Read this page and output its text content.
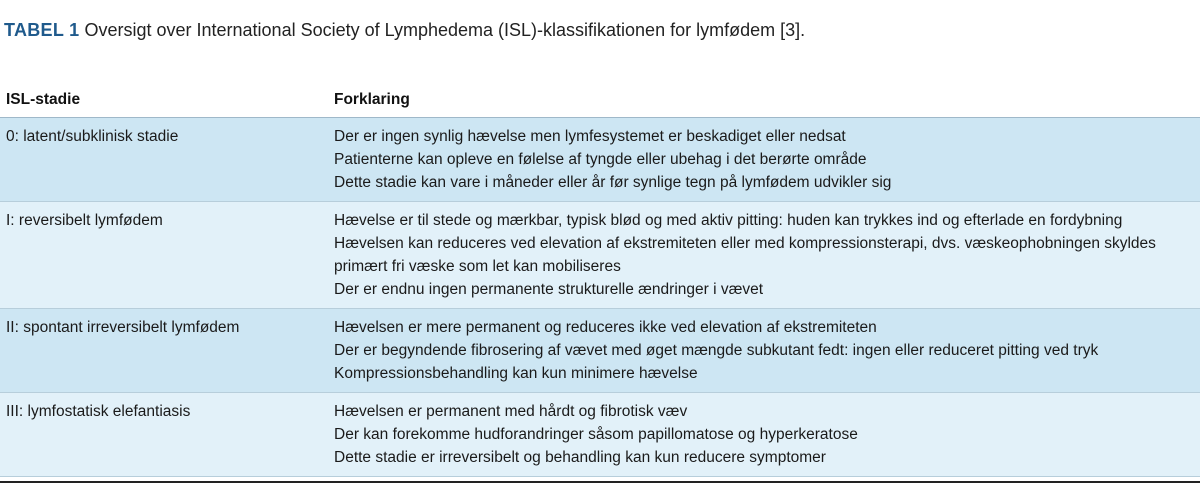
TABEL 1 Oversigt over International Society of Lymphedema (ISL)-klassifikationen for lymfødem [3].
ISL-stadie	Forklaring
0: latent/subklinisk stadie	Der er ingen synlig hævelse men lymfesystemet er beskadiget eller nedsat
Patienterne kan opleve en følelse af tyngde eller ubehag i det berørte område
Dette stadie kan vare i måneder eller år før synlige tegn på lymfødem udvikler sig

I: reversibelt lymfødem	Hævelse er til stede og mærkbar, typisk blød og med aktiv pitting: huden kan trykkes ind og efterlade en fordybning
Hævelsen kan reduceres ved elevation af ekstremiteten eller med kompressionsterapi, dvs. væskeophobningen skyldes primært fri væske som let kan mobiliseres
Der er endnu ingen permanente strukturelle ændringer i vævet

II: spontant irreversibelt lymfødem	Hævelsen er mere permanent og reduceres ikke ved elevation af ekstremiteten
Der er begyndende fibrosering af vævet med øget mængde subkutant fedt: ingen eller reduceret pitting ved tryk
Kompressionsbehandling kan kun minimere hævelse

III: lymfostatisk elefantiasis	Hævelsen er permanent med hårdt og fibrotisk væv
Der kan forekomme hudforandringer såsom papillomatose og hyperkeratose
Dette stadie er irreversibelt og behandling kan kun reducere symptomer
